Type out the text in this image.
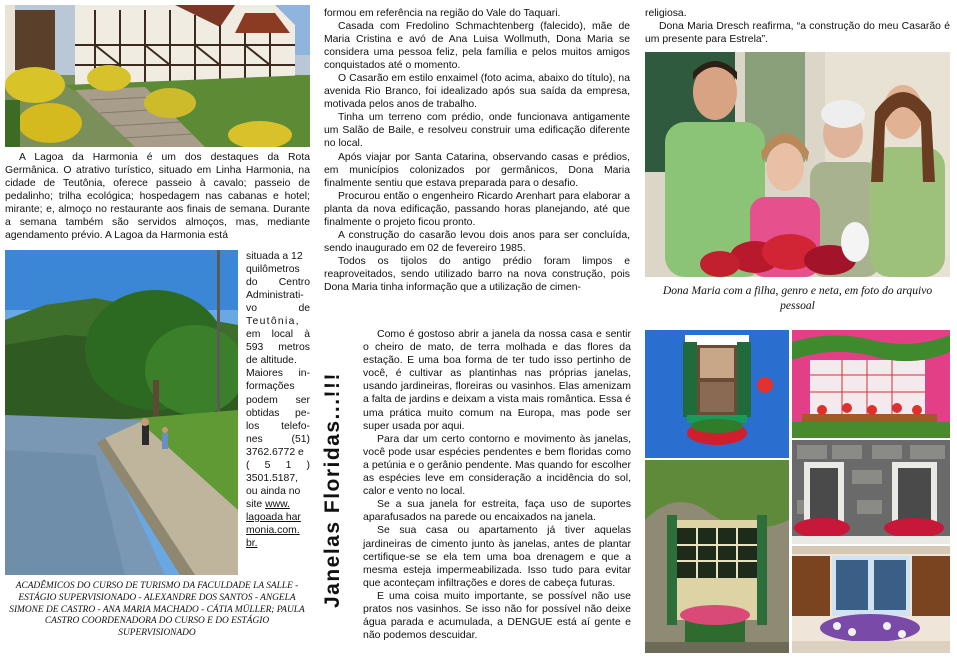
A Lagoa da Harmonia é um dos destaques da Rota Germânica. O atrativo turístico, situado em Linha Harmonia, na cidade de Teutônia, oferece passeio à cavalo; passeio de pedalinho; trilha ecológica; hospedagem nas cabanas e hotel; mirante; e, almoço no restaurante aos finais de semana. Durante a semana também são servidos almoços, mas, mediante agendamento prévio. A Lagoa da Harmonia está

situada a 12
quilômetros
do Centro
Administrati-
vo de
Teutônia,
em local à
593 metros
de altitude.
Maiores in-
formações
podem ser
obtidas pe-
los telefo-
nes (51)
3762.6772 e
( 5 1 )
3501.5187,
ou ainda no
site www.
lagoada har
monia.com.
br.
ACADÊMICOS DO CURSO DE TURISMO DA FACULDADE LA SALLE - ESTÁGIO SUPERVISIONADO - ALEXANDRE DOS SANTOS - ANGELA SIMONE DE CASTRO - ANA MARIA MACHADO - CÁTIA MÜLLER; PAULA CASTRO COORDENADORA DO CURSO E DO ESTÁGIO SUPERVISIONADO

formou em referência na região do Vale do Taquari.

Casada com Fredolino Schmachtenberg (falecido), mãe de Maria Cristina e avó de Ana Luisa Wollmuth, Dona Maria se considera uma pessoa feliz, pela família e pelos muitos amigos conquistados até o momento.

O Casarão em estilo enxaimel (foto acima, abaixo do título), na avenida Rio Branco, foi idealizado após sua saída da empresa, motivada pelos anos de trabalho.

Tinha um terreno com prédio, onde funcionava antigamente um Salão de Baile, e resolveu construir uma edificação diferente no local.

Após viajar por Santa Catarina, observando casas e prédios, em municípios colonizados por germânicos, Dona Maria finalmente sentiu que estava preparada para o desafio.

Procurou então o engenheiro Ricardo Arenhart para elaborar a planta da nova edificação, passando horas planejando, até que finalmente o projeto ficou pronto.

A construção do casarão levou dois anos para ser concluída, sendo inaugurado em 02 de fevereiro 1985.

Todos os tijolos do antigo prédio foram limpos e reaproveitados, sendo utilizado barro na nova construção, pois Dona Maria tinha informação que a utilização de cimen-

Janelas Floridas...!!!

Como é gostoso abrir a janela da nossa casa e sentir o cheiro de mato, de terra molhada e das flores da estação. E uma boa forma de ter tudo isso pertinho de você, é cultivar as plantinhas nas próprias janelas, usando jardineiras, floreiras ou vasinhos. Elas amenizam a falta de jardins e deixam a vista mais romântica. Essa é uma prática muito comum na Europa, mas pode ser super usada por aqui.

Para dar um certo contorno e movimento às janelas, você pode usar espécies pendentes e bem floridas como a petúnia e o gerânio pendente. Mas quando for escolher as espécies leve em consideração a incidência do sol, calor e vento no local.

Se a sua janela for estreita, faça uso de suportes aparafusados na parede ou encaixados na janela.

Se sua casa ou apartamento já tiver aquelas jardineiras de cimento junto às janelas, antes de plantar certifique-se se ela tem uma boa drenagem e que a mesma esteja impermeabilizada. Isso tudo para evitar que aconteçam infiltrações e dores de cabeça futuras.

E uma coisa muito importante, se possível não use pratos nos vasinhos. Se isso não for possível não deixe água parada e acumulada, a DENGUE está aí gente e não podemos descuidar.

religiosa.

Dona Maria Dresch reafirma, “a construção do meu Casarão é um presente para Estrela”.

Dona Maria com a filha, genro e neta, em foto do arquivo pessoal
